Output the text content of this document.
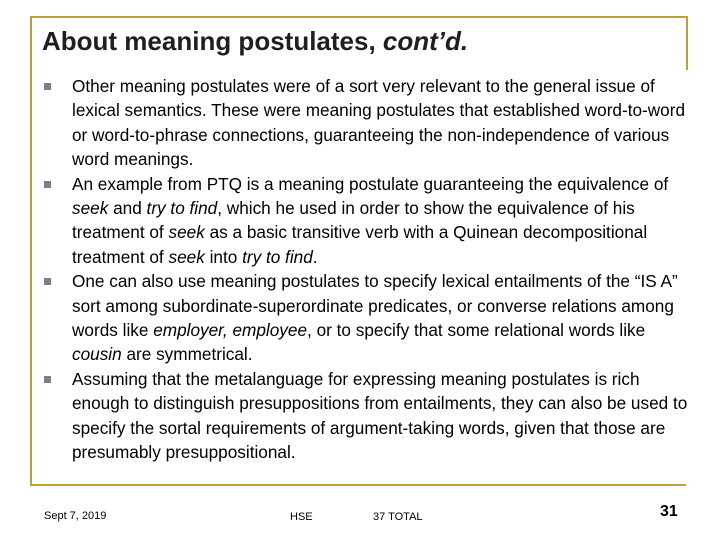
About meaning postulates, cont’d.
Other meaning postulates were of a sort very relevant to the general issue of lexical semantics. These were meaning postulates that established word-to-word or word-to-phrase connections, guaranteeing the non-independence of various word meanings.
An example from PTQ is a meaning postulate guaranteeing the equivalence of seek and try to find, which he used in order to show the equivalence of his treatment of seek as a basic transitive verb with a Quinean decompositional treatment of seek into try to find.
One can also use meaning postulates to specify lexical entailments of the “IS A” sort among subordinate-superordinate predicates, or converse relations among words like employer, employee, or to specify that some relational words like cousin are symmetrical.
Assuming that the metalanguage for expressing meaning postulates is rich enough to distinguish presuppositions from entailments, they can also be used to specify the sortal requirements of argument-taking words, given that those are presumably presuppositional.
Sept 7, 2019	HSE	37 TOTAL	31
